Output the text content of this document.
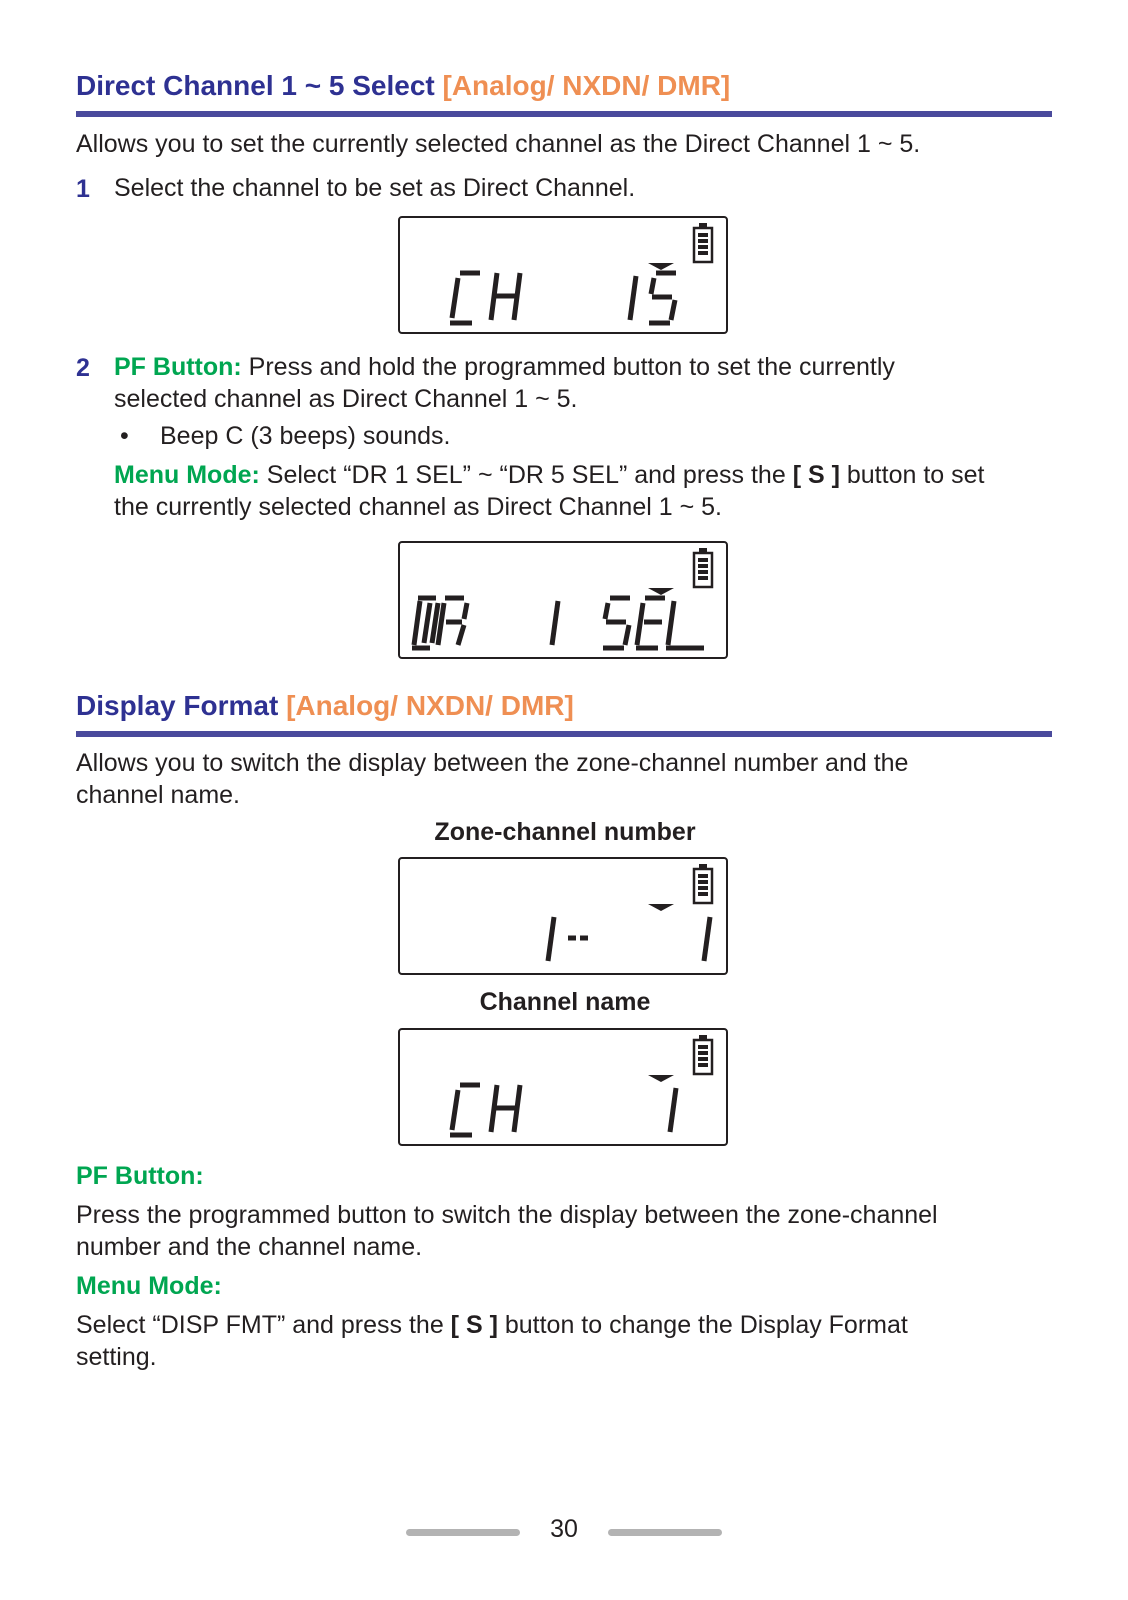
Direct Channel 1 ~ 5 Select [Analog/ NXDN/ DMR]
Allows you to set the currently selected channel as the Direct Channel 1 ~ 5.
1 Select the channel to be set as Direct Channel.
2 PF Button: Press and hold the programmed button to set the currently
selected channel as Direct Channel 1 ~ 5.
• Beep C (3 beeps) sounds.
Menu Mode: Select “DR 1 SEL” ~ “DR 5 SEL” and press the [ S ] button to set
the currently selected channel as Direct Channel 1 ~ 5.
Display Format [Analog/ NXDN/ DMR]
Allows you to switch the display between the zone-channel number and the
channel name.
Zone-channel number
Channel name
PF Button:
Press the programmed button to switch the display between the zone-channel
number and the channel name.
Menu Mode:
Select “DISP FMT” and press the [ S ] button to change the Display Format
setting.
30
